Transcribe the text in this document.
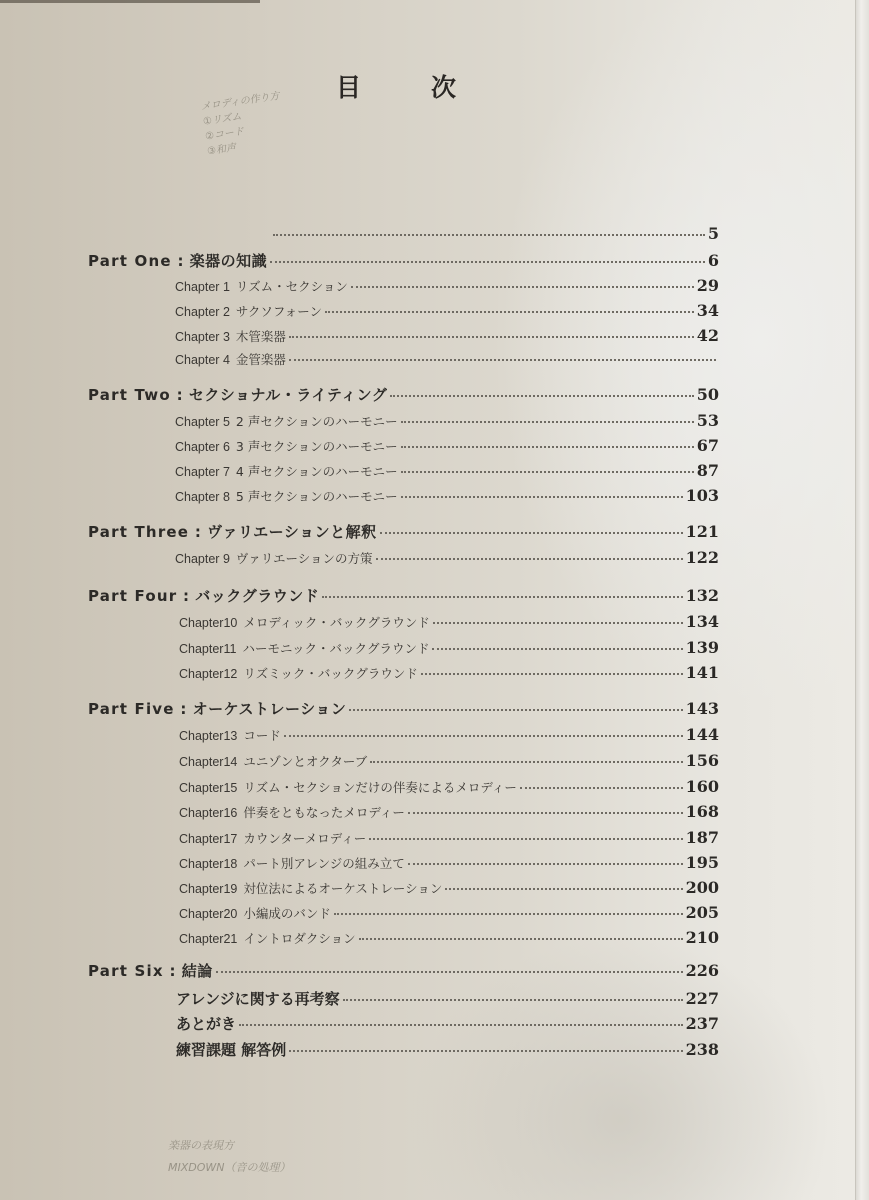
目	次
メロディの作り方
①リズム
②コード
③和声
5
Part One : 楽器の知識	6
Chapter 1 リズム・セクション	29
Chapter 2 サクソフォーン	34
Chapter 3 木管楽器	42
Chapter 4 金管楽器
Part Two : セクショナル・ライティング	50
Chapter 5 2 声セクションのハーモニー	53
Chapter 6 3 声セクションのハーモニー	67
Chapter 7 4 声セクションのハーモニー	87
Chapter 8 5 声セクションのハーモニー	103
Part Three : ヴァリエーションと解釈	121
Chapter 9 ヴァリエーションの方策	122
Part Four : バックグラウンド	132
Chapter10 メロディック・バックグラウンド	134
Chapter11 ハーモニック・バックグラウンド	139
Chapter12 リズミック・バックグラウンド	141
Part Five : オーケストレーション	143
Chapter13 コード	144
Chapter14 ユニゾンとオクターブ	156
Chapter15 リズム・セクションだけの伴奏によるメロディー	160
Chapter16 伴奏をともなったメロディー	168
Chapter17 カウンターメロディー	187
Chapter18 パート別アレンジの組み立て	195
Chapter19 対位法によるオーケストレーション	200
Chapter20 小編成のバンド	205
Chapter21 イントロダクション	210
Part Six : 結論	226
アレンジに関する再考察	227
あとがき	237
練習課題 解答例	238
楽器の表現方
MIXDOWN（音の処理）
